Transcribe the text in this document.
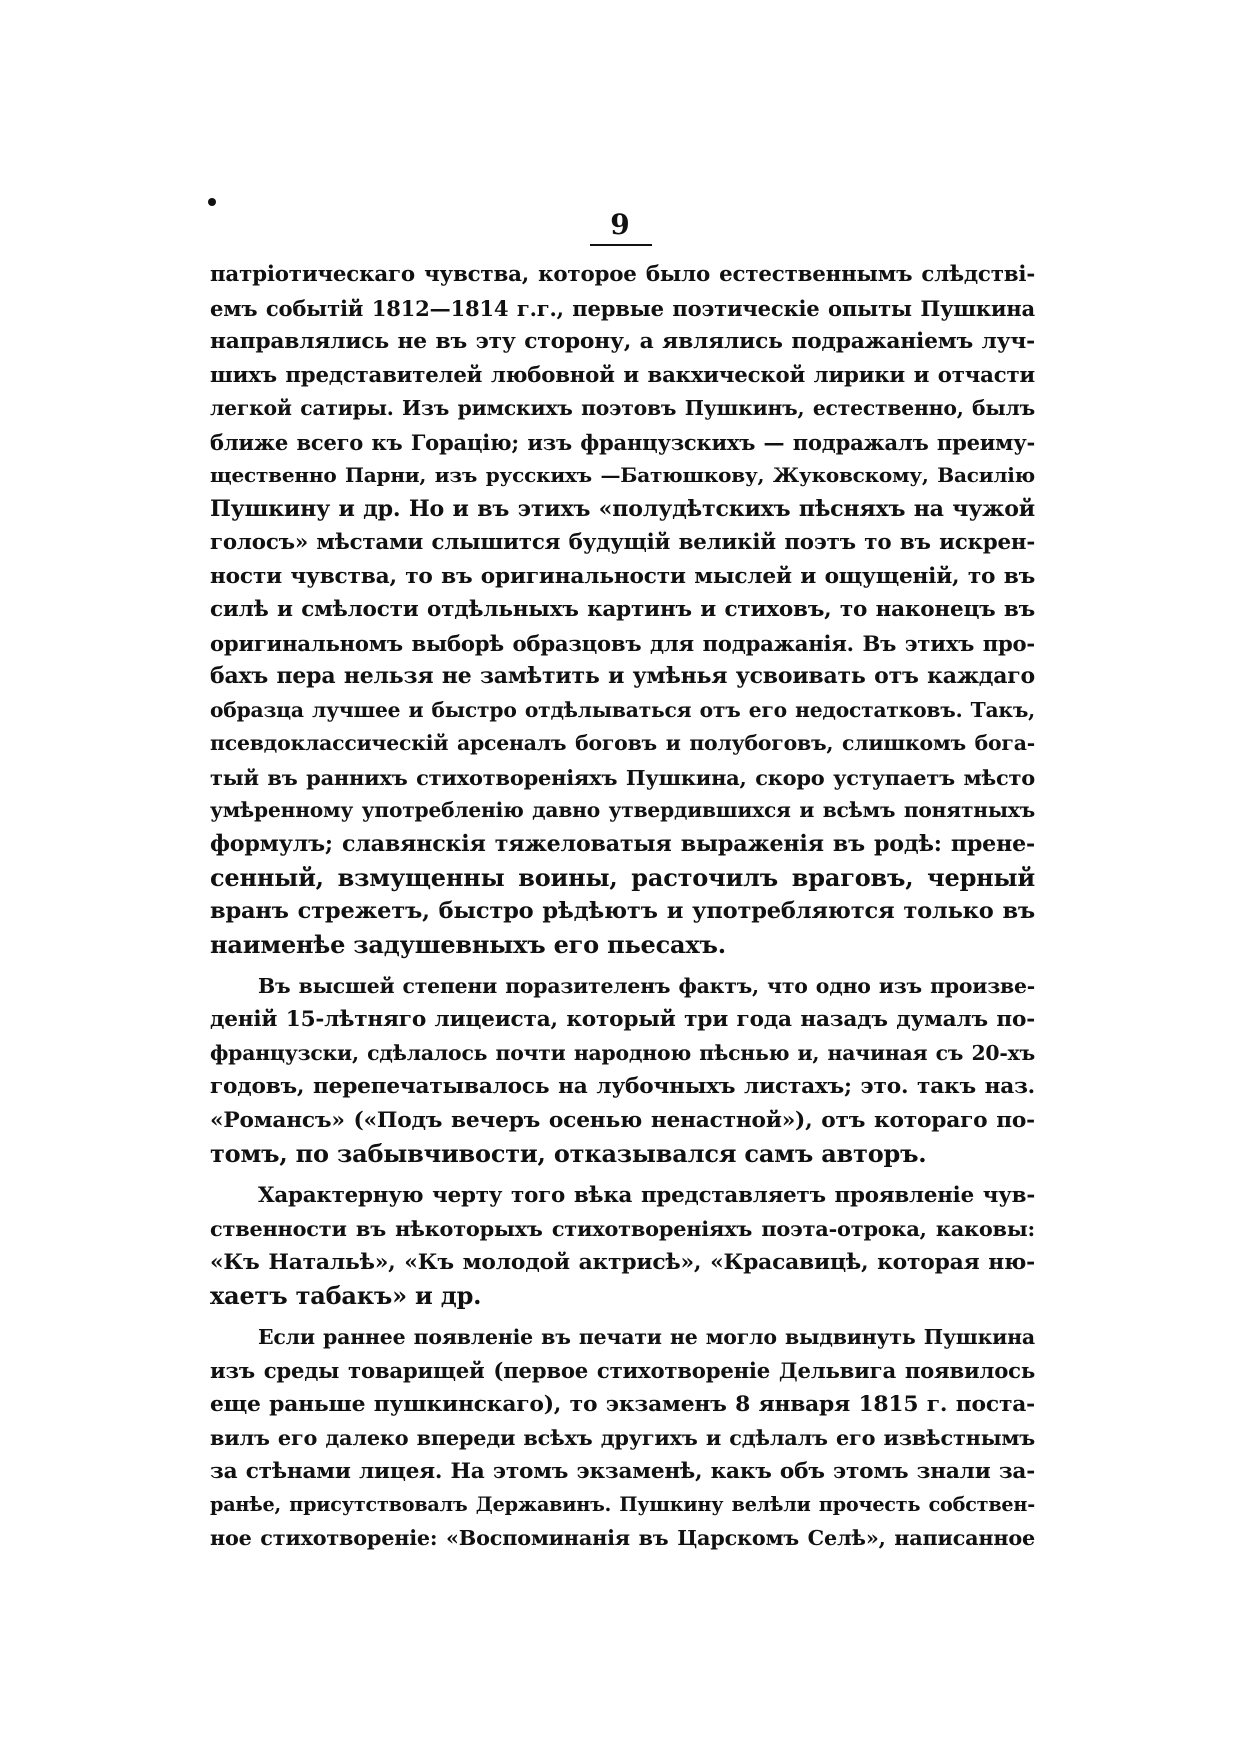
9
патріотическаго чувства, которое было естественнымъ слѣдстві-
емъ событій 1812—1814 г.г., первые поэтическіе опыты Пушкина
направлялись не въ эту сторону, а являлись подражаніемъ луч-
шихъ представителей любовной и вакхической лирики и отчасти
легкой сатиры. Изъ римскихъ поэтовъ Пушкинъ, естественно, былъ
ближе всего къ Горацію; изъ французскихъ — подражалъ преиму-
щественно Парни, изъ русскихъ —Батюшкову, Жуковскому, Василію
Пушкину и др. Но и въ этихъ «полудѣтскихъ пѣсняхъ на чужой
голосъ» мѣстами слышится будущій великій поэтъ то въ искрен-
ности чувства, то въ оригинальности мыслей и ощущеній, то въ
силѣ и смѣлости отдѣльныхъ картинъ и стиховъ, то наконецъ въ
оригинальномъ выборѣ образцовъ для подражанія. Въ этихъ про-
бахъ пера нельзя не замѣтить и умѣнья усвоивать отъ каждаго
образца лучшее и быстро отдѣлываться отъ его недостатковъ. Такъ,
псевдоклассическій арсеналъ боговъ и полубоговъ, слишкомъ бога-
тый въ раннихъ стихотвореніяхъ Пушкина, скоро уступаетъ мѣсто
умѣренному употребленію давно утвердившихся и всѣмъ понятныхъ
формулъ; славянскія тяжеловатыя выраженія въ родѣ: прене-
сенный, взмущенны воины, расточилъ враговъ, черный
вранъ стрежетъ, быстро рѣдѣютъ и употребляются только въ
наименѣе задушевныхъ его пьесахъ.
Въ высшей степени поразителенъ фактъ, что одно изъ произве-
деній 15-лѣтняго лицеиста, который три года назадъ думалъ по-
французски, сдѣлалось почти народною пѣснью и, начиная съ 20-хъ
годовъ, перепечатывалось на лубочныхъ листахъ; это. такъ наз.
«Романсъ» («Подъ вечеръ осенью ненастной»), отъ котораго по-
томъ, по забывчивости, отказывался самъ авторъ.
Характерную черту того вѣка представляетъ проявленіе чув-
ственности въ нѣкоторыхъ стихотвореніяхъ поэта-отрока, каковы:
«Къ Натальѣ», «Къ молодой актрисѣ», «Красавицѣ, которая ню-
хаетъ табакъ» и др.
Если раннее появленіе въ печати не могло выдвинуть Пушкина
изъ среды товарищей (первое стихотвореніе Дельвига появилось
еще раньше пушкинскаго), то экзаменъ 8 января 1815 г. поста-
вилъ его далеко впереди всѣхъ другихъ и сдѣлалъ его извѣстнымъ
за стѣнами лицея. На этомъ экзаменѣ, какъ объ этомъ знали за-
ранѣе, присутствовалъ Державинъ. Пушкину велѣли прочесть собствен-
ное стихотвореніе: «Воспоминанія въ Царскомъ Селѣ», написанное
